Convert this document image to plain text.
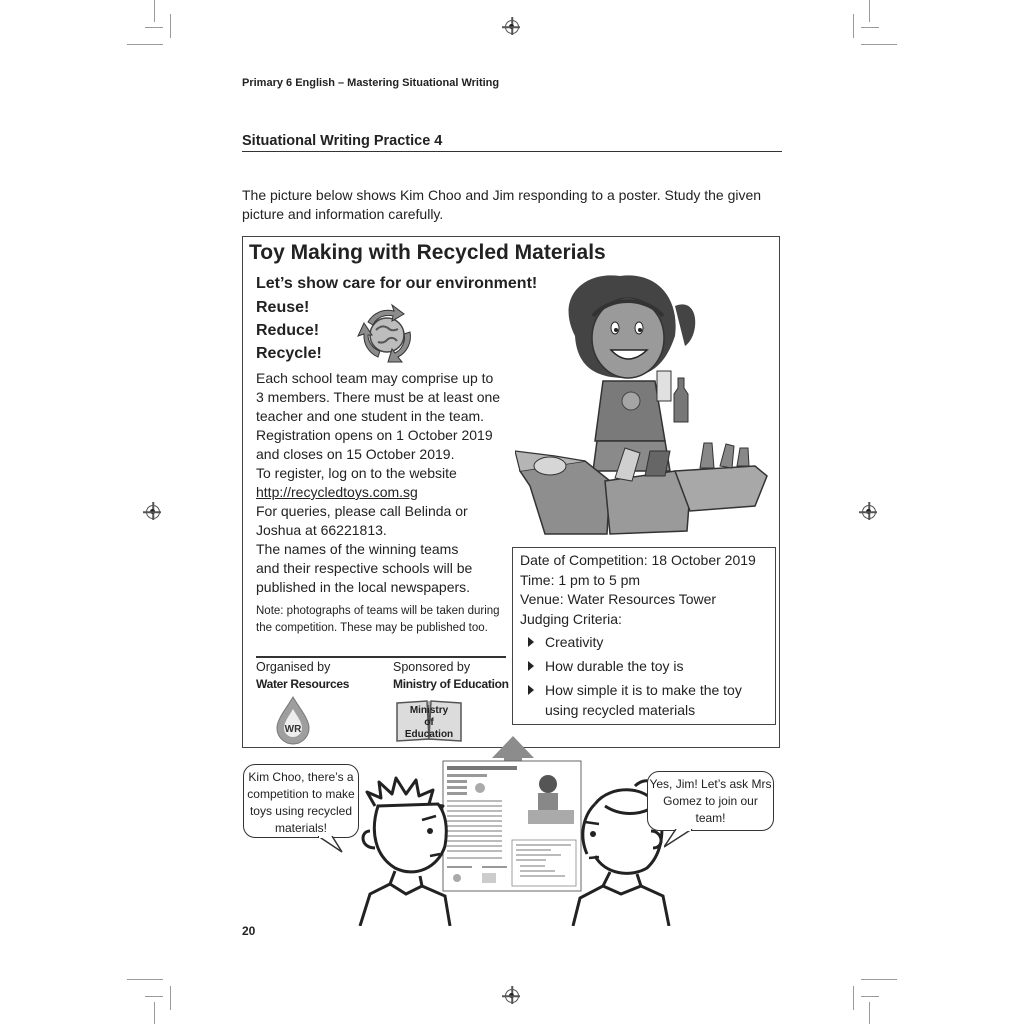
Primary 6 English – Mastering Situational Writing
Situational Writing Practice 4
The picture below shows Kim Choo and Jim responding to a poster. Study the given picture and information carefully.
Toy Making with Recycled Materials
Let’s show care for our environment!
Reuse!
Reduce!
Recycle!
Each school team may comprise up to
3 members. There must be at least one
teacher and one student in the team.
Registration opens on 1 October 2019
and closes on 15 October 2019.
To register, log on to the website
http://recycledtoys.com.sg
For queries, please call Belinda or
Joshua at 66221813.
The names of the winning teams
and their respective schools will be
published in the local newspapers.
Note: photographs of teams will be taken during the competition. These may be published too.
Organised by
Water Resources
Sponsored by
Ministry of Education
WR
Ministry
of
Education
Date of Competition: 18 October 2019
Time: 1 pm to 5 pm
Venue: Water Resources Tower
Judging Criteria:
Creativity
How durable the toy is
How simple it is to make the toy using recycled materials
Kim Choo, there’s a competition to make toys using recycled materials!
Yes, Jim! Let’s ask Mrs Gomez to join our team!
20
